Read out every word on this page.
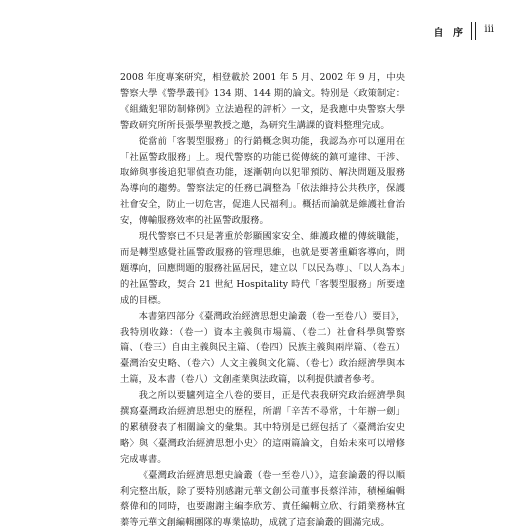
自 序 iii

2008 年度專案研究，相登載於 2001 年 5 月、2002 年 9 月，中央警察大學《警學叢刊》134 期、144 期的論文。特別是〈政策制定：《組織犯罪防制條例》立法過程的評析〉一文，是我應中央警察大學警政研究所所長張學聖教授之邀，為研究生講課的資料整理完成。

從當前「客製型服務」的行銷概念與功能，我認為亦可以運用在「社區警政服務」上。現代警察的功能已從傳統的鎮可違律、干涉、取締與事後追犯罪偵查功能，逐漸朝向以犯罪預防、解決問題及服務為導向的趨勢。警察法定的任務已調整為「依法維持公共秩序，保護社會安全，防止一切危害，促進人民福利」。概括而論就是維護社會治安，傳輸服務效率的社區警政服務。

現代警察已不只是著重於彰顯國家安全、維護政權的傳統職能，而是轉型感覺社區警政服務的管理思維，也就是要著重顧客導向，問題導向，回應問題的服務社區居民，建立以「以民為尊」、「以人為本」的社區警政，契合 21 世紀 Hospitality 時代「客製型服務」所要達成的目標。

本書第四部分《臺灣政治經濟思想史論叢（卷一至卷八）要目》，我特別收錄：（卷一）資本主義與市場篇、（卷二）社會科學與警察篇、（卷三）自由主義與民主篇、（卷四）民族主義與兩岸篇、（卷五）臺灣治安史略、（卷六）人文主義與文化篇、（卷七）政治經濟學與本土篇，及本書（卷八）文創產業與法政篇，以利提供讀者參考。

我之所以要臚列這全八卷的要目，正是代表我研究政治經濟學與撰寫臺灣政治經濟思想史的歷程，所謂「辛苦不尋常，十年辦一劍」的累積發表了相關論文的彙集。其中特別是已經包括了〈臺灣治安史略〉與〈臺灣政治經濟思想小史〉的這兩篇論文，自始未來可以增修完成專書。

《臺灣政治經濟思想史論叢（卷一至卷八）》，這套論叢的得以順利完整出版，除了要特別感謝元華文創公司董事長蔡洋沛，積極編輯蔡偉和的同時，也要謝謝主編李欣芳、責任編輯立欣、行銷業務林宜蓁等元華文創編輯團隊的專業協助，成就了這套論叢的圓滿完成。
